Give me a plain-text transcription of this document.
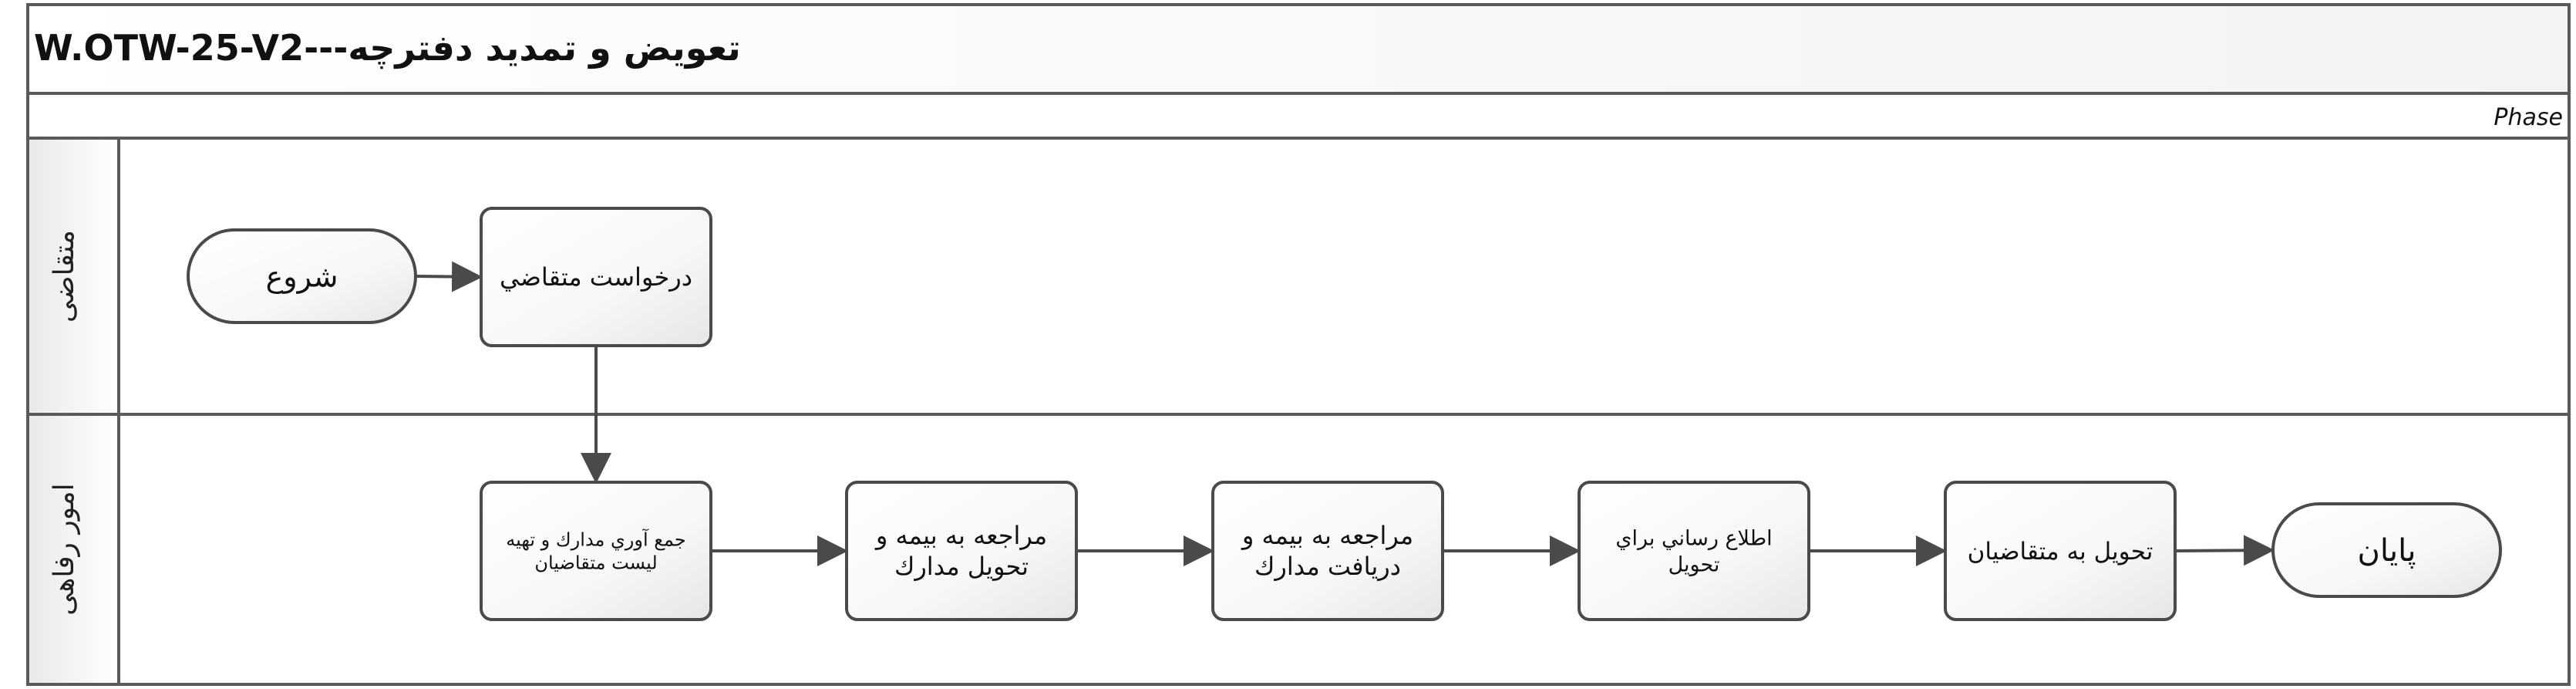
W.OTW-25-V2---تعویض و تمدید دفترچه
Phase
متقاضی
امور رفاهی
شروع	درخواست متقاضي
جمع آوري مدارك و تهيه
ليست متقاضيان
مراجعه به بيمه و
تحويل مدارك
مراجعه به بيمه و
دريافت مدارك
اطلاع رساني براي
تحويل	تحويل به متقاضيان	پايان
